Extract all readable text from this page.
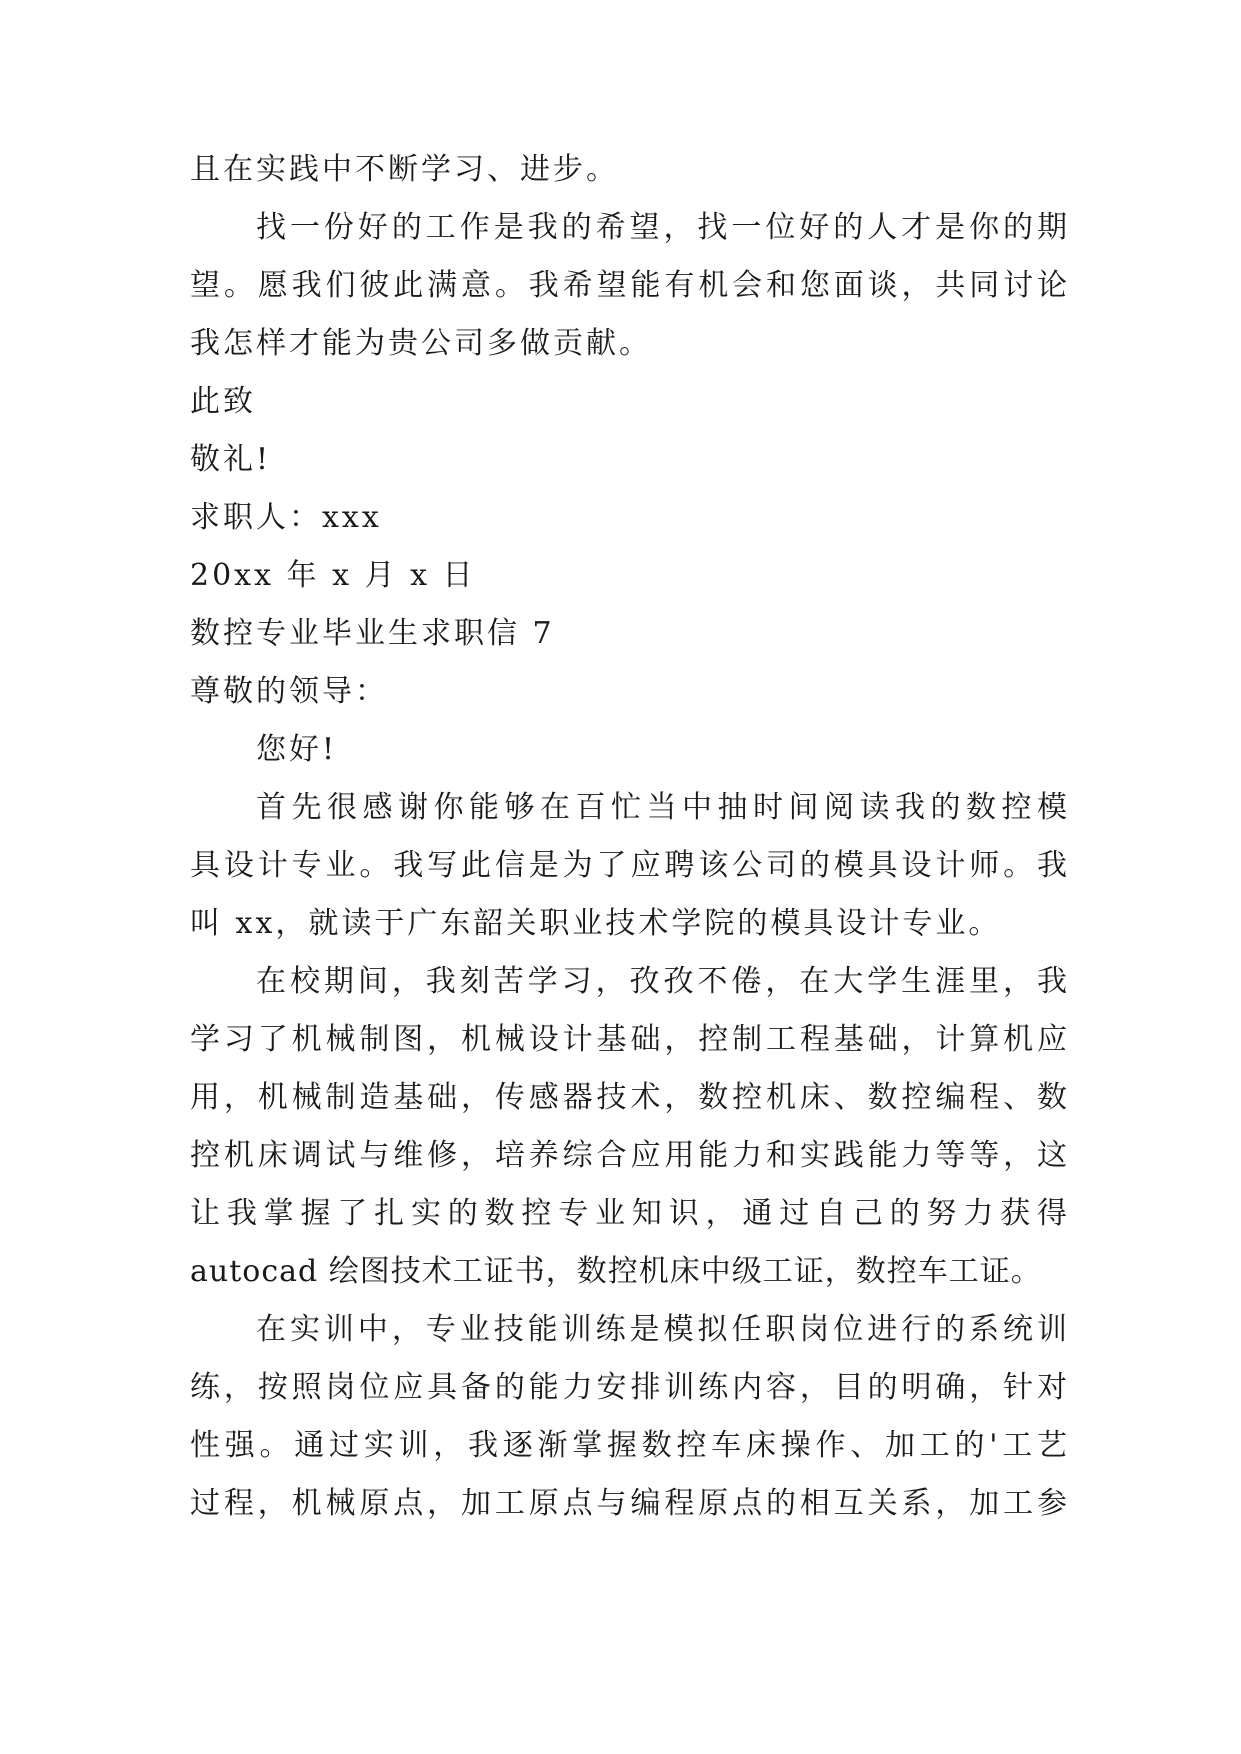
且在实践中不断学习、进步。
找一份好的工作是我的希望，找一位好的人才是你的期
望。愿我们彼此满意。我希望能有机会和您面谈，共同讨论
我怎样才能为贵公司多做贡献。
此致
敬礼!
求职人：xxx
20xx 年 x 月 x 日
数控专业毕业生求职信 7
尊敬的领导：
您好!
首先很感谢你能够在百忙当中抽时间阅读我的数控模
具设计专业。我写此信是为了应聘该公司的模具设计师。我
叫 xx，就读于广东韶关职业技术学院的模具设计专业。
在校期间，我刻苦学习，孜孜不倦，在大学生涯里，我
学习了机械制图，机械设计基础，控制工程基础，计算机应
用，机械制造基础，传感器技术，数控机床、数控编程、数
控机床调试与维修，培养综合应用能力和实践能力等等，这
让我掌握了扎实的数控专业知识，通过自己的努力获得
autocad 绘图技术工证书，数控机床中级工证，数控车工证。
在实训中，专业技能训练是模拟任职岗位进行的系统训
练，按照岗位应具备的能力安排训练内容，目的明确，针对
性强。通过实训，我逐渐掌握数控车床操作、加工的'工艺
过程，机械原点，加工原点与编程原点的相互关系，加工参
